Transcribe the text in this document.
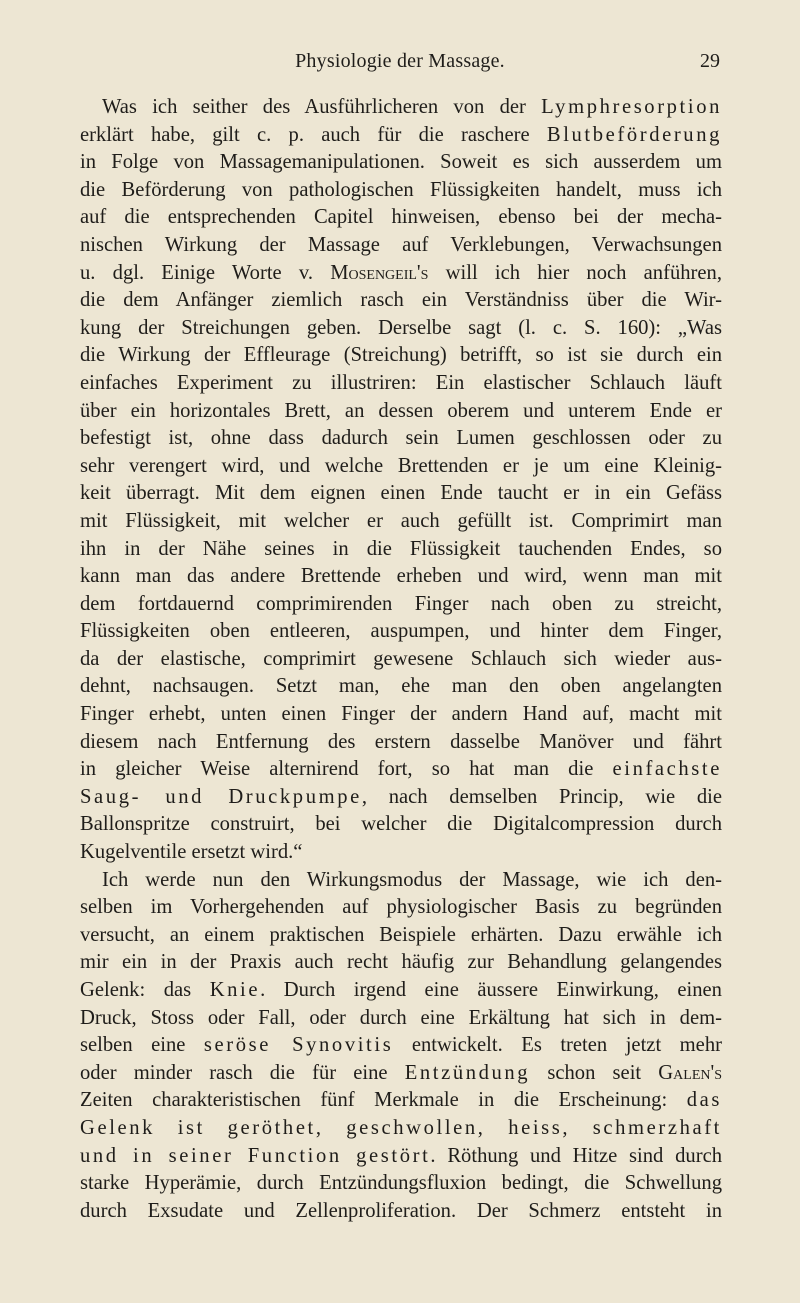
Physiologie der Massage.	29
Was ich seither des Ausführlicheren von der Lymphresorption
erklärt habe, gilt c. p. auch für die raschere Blutbeförderung
in Folge von Massagemanipulationen. Soweit es sich ausserdem um
die Beförderung von pathologischen Flüssigkeiten handelt, muss ich
auf die entsprechenden Capitel hinweisen, ebenso bei der mecha-
nischen Wirkung der Massage auf Verklebungen, Verwachsungen
u. dgl. Einige Worte v. Mosengeil's will ich hier noch anführen,
die dem Anfänger ziemlich rasch ein Verständniss über die Wir-
kung der Streichungen geben. Derselbe sagt (l. c. S. 160): „Was
die Wirkung der Effleurage (Streichung) betrifft, so ist sie durch ein
einfaches Experiment zu illustriren: Ein elastischer Schlauch läuft
über ein horizontales Brett, an dessen oberem und unterem Ende er
befestigt ist, ohne dass dadurch sein Lumen geschlossen oder zu
sehr verengert wird, und welche Brettenden er je um eine Kleinig-
keit überragt. Mit dem eignen einen Ende taucht er in ein Gefäss
mit Flüssigkeit, mit welcher er auch gefüllt ist. Comprimirt man
ihn in der Nähe seines in die Flüssigkeit tauchenden Endes, so
kann man das andere Brettende erheben und wird, wenn man mit
dem fortdauernd comprimirenden Finger nach oben zu streicht,
Flüssigkeiten oben entleeren, auspumpen, und hinter dem Finger,
da der elastische, comprimirt gewesene Schlauch sich wieder aus-
dehnt, nachsaugen. Setzt man, ehe man den oben angelangten
Finger erhebt, unten einen Finger der andern Hand auf, macht mit
diesem nach Entfernung des erstern dasselbe Manöver und fährt
in gleicher Weise alternirend fort, so hat man die einfachste
Saug- und Druckpumpe, nach demselben Princip, wie die
Ballonspritze construirt, bei welcher die Digitalcompression durch
Kugelventile ersetzt wird.“
Ich werde nun den Wirkungsmodus der Massage, wie ich den-
selben im Vorhergehenden auf physiologischer Basis zu begründen
versucht, an einem praktischen Beispiele erhärten. Dazu erwähle ich
mir ein in der Praxis auch recht häufig zur Behandlung gelangendes
Gelenk: das Knie. Durch irgend eine äussere Einwirkung, einen
Druck, Stoss oder Fall, oder durch eine Erkältung hat sich in dem-
selben eine seröse Synovitis entwickelt. Es treten jetzt mehr
oder minder rasch die für eine Entzündung schon seit Galen's
Zeiten charakteristischen fünf Merkmale in die Erscheinung: das
Gelenk ist geröthet, geschwollen, heiss, schmerzhaft
und in seiner Function gestört. Röthung und Hitze sind durch
starke Hyperämie, durch Entzündungsfluxion bedingt, die Schwellung
durch Exsudate und Zellenproliferation. Der Schmerz entsteht in
